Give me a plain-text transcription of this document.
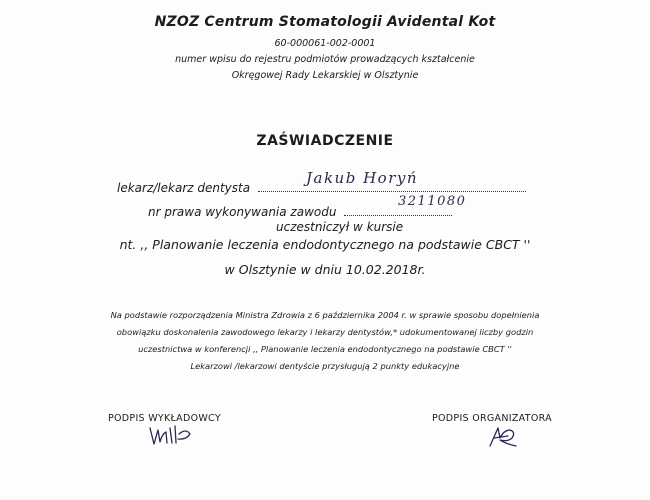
NZOZ Centrum Stomatologii Avidental Kot
60-000061-002-0001
numer wpisu do rejestru podmiotów prowadzących kształcenie
Okręgowej Rady Lekarskiej w Olsztynie
ZAŚWIADCZENIE
lekarz/lekarz dentysta
Jakub Horyń
nr prawa wykonywania zawodu
3211080
uczestniczył w kursie
nt. ,, Planowanie leczenia endodontycznego na podstawie CBCT ''
w Olsztynie w dniu 10.02.2018r.
Na podstawie rozporządzenia Ministra Zdrowia z 6 października 2004 r. w sprawie sposobu dopełnienia
obowiązku doskonalenia zawodowego lekarzy i lekarzy dentystów,* udokumentowanej liczby godzin
uczestnictwa w konferencji ,, Planowanie leczenia endodontycznego na podstawie CBCT ''
Lekarzowi /lekarzowi dentyście przysługują 2 punkty edukacyjne
PODPIS WYKŁADOWCY	PODPIS ORGANIZATORA
